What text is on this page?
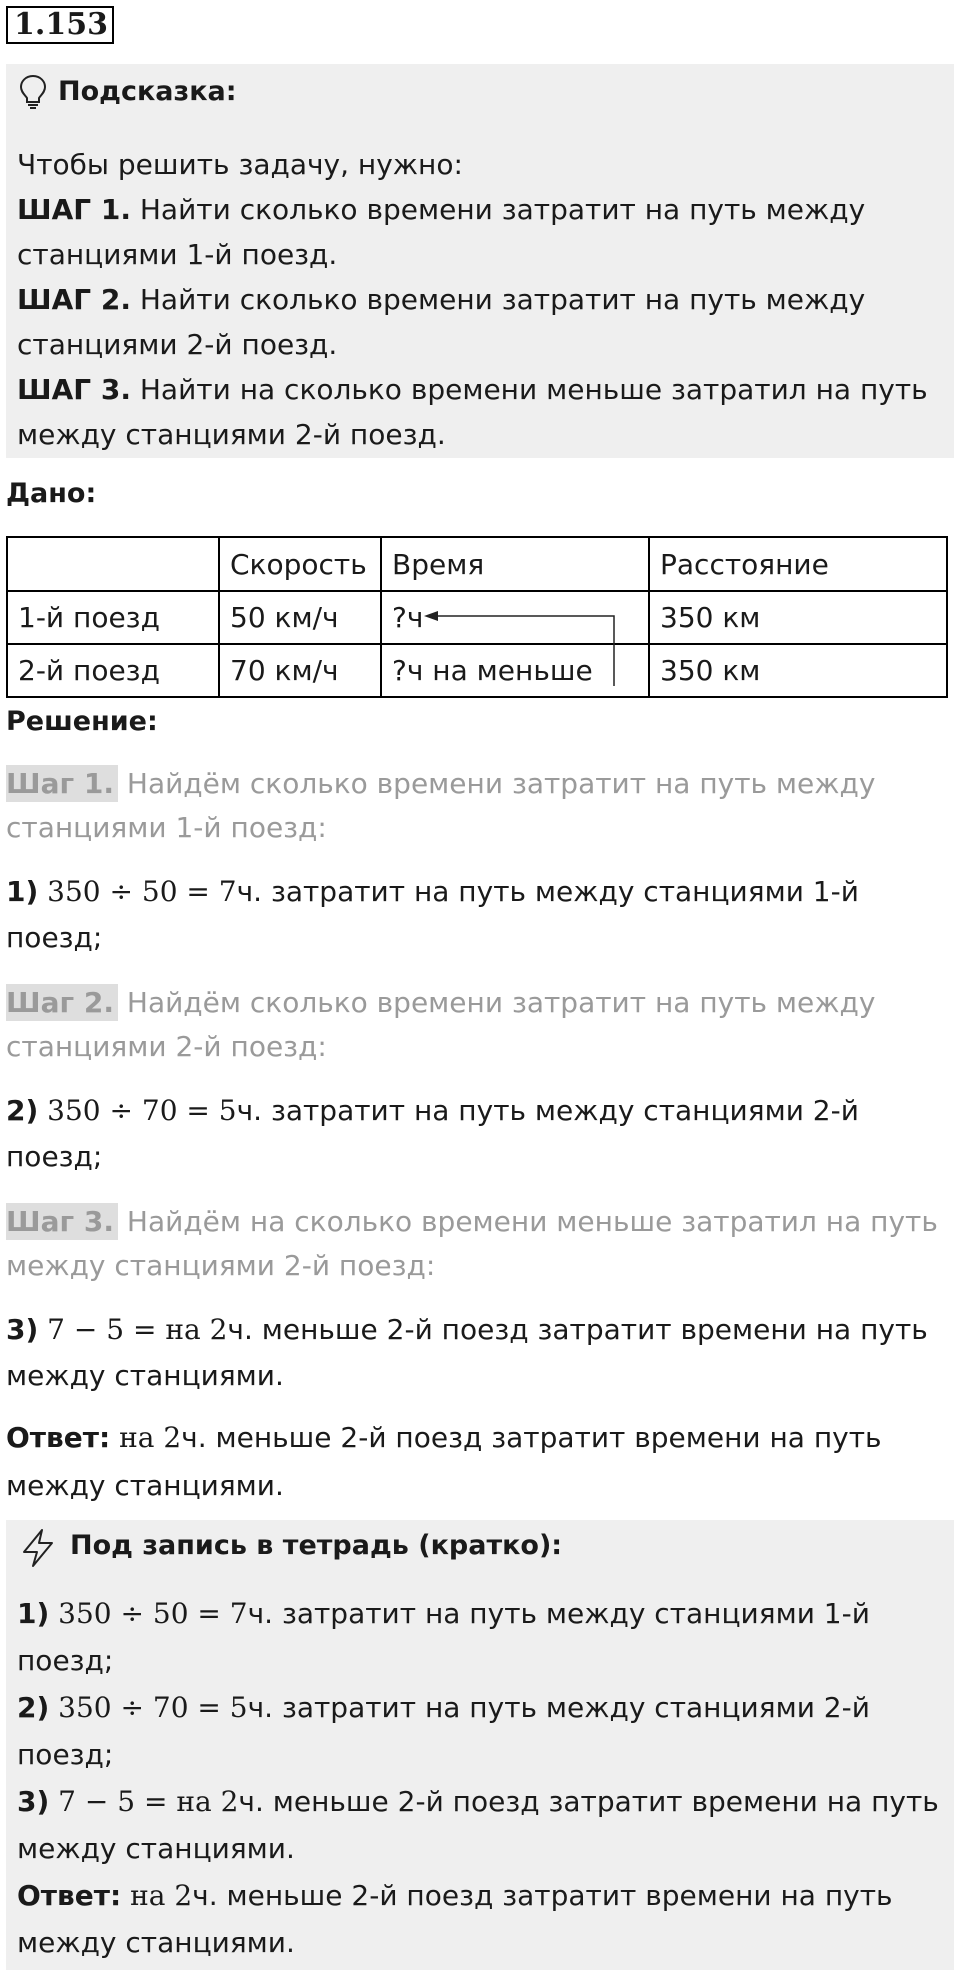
1.153
Подсказка:
Чтобы решить задачу, нужно:
ШАГ 1. Найти сколько времени затратит на путь между станциями 1-й поезд.
ШАГ 2. Найти сколько времени затратит на путь между станциями 2-й поезд.
ШАГ 3. Найти на сколько времени меньше затратил на путь между станциями 2-й поезд.
Дано:
	Скорость	Время	Расстояние
1-й поезд	50 км/ч	?ч	350 км
2-й поезд	70 км/ч	?ч на меньше	350 км
Решение:
Шаг 1. Найдём сколько времени затратит на путь между станциями 1-й поезд:
1) 350 ÷ 50 = 7ч. затратит на путь между станциями 1-й поезд;
Шаг 2. Найдём сколько времени затратит на путь между станциями 2-й поезд:
2) 350 ÷ 70 = 5ч. затратит на путь между станциями 2-й поезд;
Шаг 3. Найдём на сколько времени меньше затратил на путь между станциями 2-й поезд:
3) 7 − 5 = на 2ч. меньше 2-й поезд затратит времени на путь между станциями.
Ответ: на 2ч. меньше 2-й поезд затратит времени на путь между станциями.
Под запись в тетрадь (кратко):
1) 350 ÷ 50 = 7ч. затратит на путь между станциями 1-й поезд;
2) 350 ÷ 70 = 5ч. затратит на путь между станциями 2-й поезд;
3) 7 − 5 = на 2ч. меньше 2-й поезд затратит времени на путь между станциями.
Ответ: на 2ч. меньше 2-й поезд затратит времени на путь между станциями.
